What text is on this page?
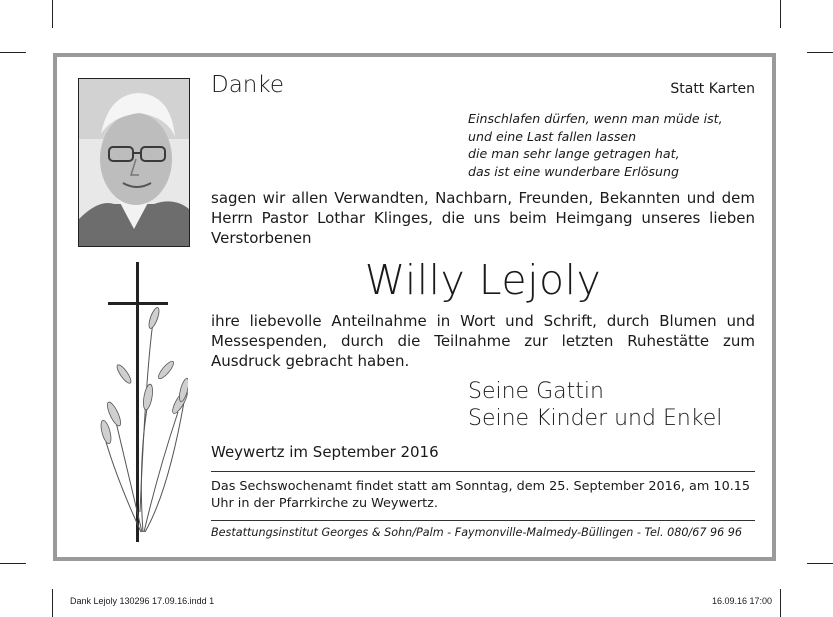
Danke	Statt Karten
Einschlafen dürfen, wenn man müde ist,
und eine Last fallen lassen
die man sehr lange getragen hat,
das ist eine wunderbare Erlösung
sagen wir allen Verwandten, Nachbarn, Freunden, Bekannten und dem Herrn Pastor Lothar Klinges, die uns beim Heimgang unseres lieben Verstorbenen
Willy Lejoly
ihre liebevolle Anteilnahme in Wort und Schrift, durch Blumen und Messespenden, durch die Teilnahme zur letzten Ruhestätte zum Ausdruck gebracht haben.
Seine Gattin
Seine Kinder und Enkel
Weywertz im September 2016
Das Sechswochenamt findet statt am Sonntag, dem 25. September 2016, am 10.15 Uhr in der Pfarrkirche zu Weywertz.
Bestattungsinstitut Georges & Sohn/Palm - Faymonville-Malmedy-Büllingen - Tel. 080/67 96 96
Dank Lejoly 130296 17.09.16.indd 1	16.09.16 17:00
